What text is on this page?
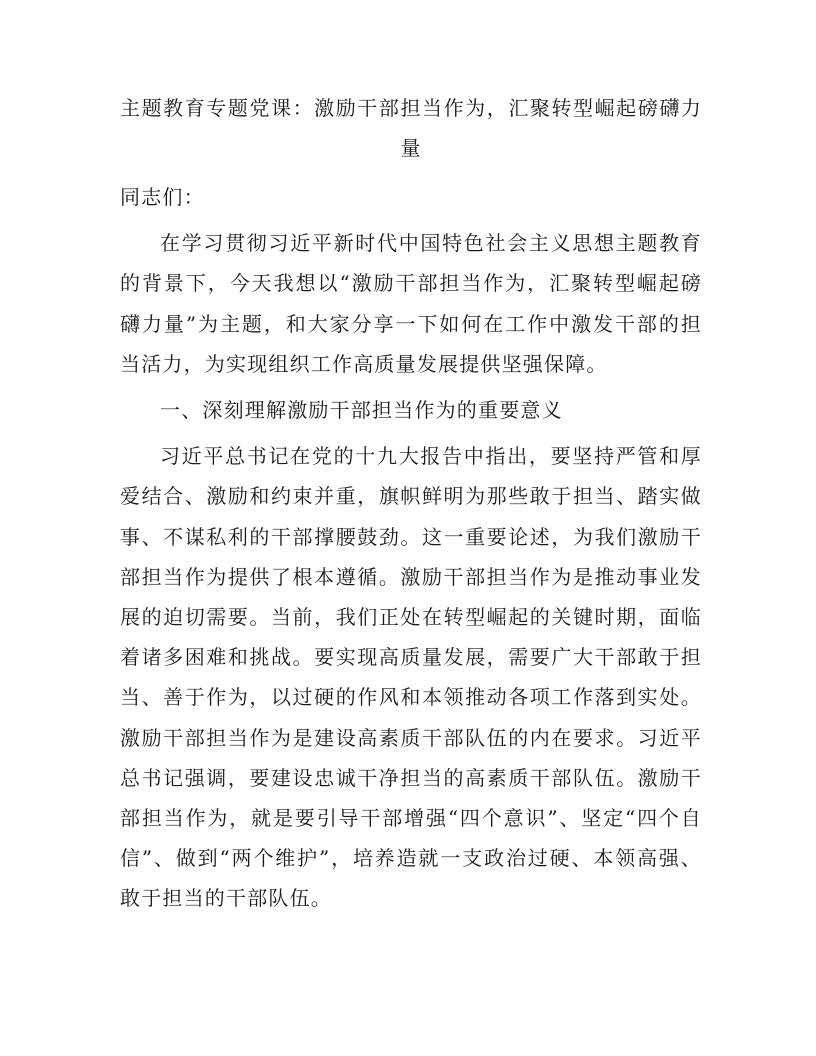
主题教育专题党课：激励干部担当作为，汇聚转型崛起磅礴力
量
同志们：

在学习贯彻习近平新时代中国特色社会主义思想主题教育的背景下，今天我想以“激励干部担当作为，汇聚转型崛起磅礴力量”为主题，和大家分享一下如何在工作中激发干部的担当活力，为实现组织工作高质量发展提供坚强保障。

一、深刻理解激励干部担当作为的重要意义

习近平总书记在党的十九大报告中指出，要坚持严管和厚爱结合、激励和约束并重，旗帜鲜明为那些敢于担当、踏实做事、不谋私利的干部撑腰鼓劲。这一重要论述，为我们激励干部担当作为提供了根本遵循。激励干部担当作为是推动事业发展的迫切需要。当前，我们正处在转型崛起的关键时期，面临着诸多困难和挑战。要实现高质量发展，需要广大干部敢于担当、善于作为，以过硬的作风和本领推动各项工作落到实处。激励干部担当作为是建设高素质干部队伍的内在要求。习近平总书记强调，要建设忠诚干净担当的高素质干部队伍。激励干部担当作为，就是要引导干部增强“四个意识”、坚定“四个自信”、做到“两个维护”，培养造就一支政治过硬、本领高强、敢于担当的干部队伍。
